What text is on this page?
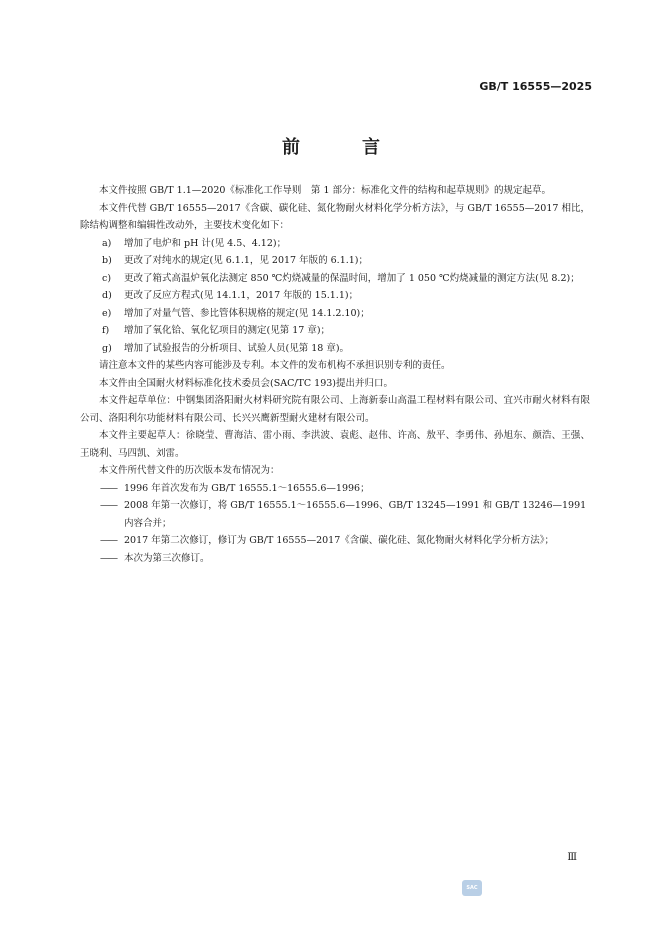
GB/T 16555—2025
前　言

本文件按照 GB/T 1.1—2020《标准化工作导则　第 1 部分：标准化文件的结构和起草规则》的规定起草。

本文件代替 GB/T 16555—2017《含碳、碳化硅、氮化物耐火材料化学分析方法》，与 GB/T 16555—2017 相比，除结构调整和编辑性改动外，主要技术变化如下：

a) 增加了电炉和 pH 计(见 4.5、4.12)；

b) 更改了对纯水的规定(见 6.1.1，见 2017 年版的 6.1.1)；

c) 更改了箱式高温炉氧化法测定 850 ℃灼烧减量的保温时间，增加了 1 050 ℃灼烧减量的测定方法(见 8.2)；

d) 更改了反应方程式(见 14.1.1，2017 年版的 15.1.1)；

e) 增加了对量气管、参比管体积规格的规定(见 14.1.2.10)；

f) 增加了氧化铪、氧化钇项目的测定(见第 17 章)；

g) 增加了试验报告的分析项目、试验人员(见第 18 章)。

请注意本文件的某些内容可能涉及专利。本文件的发布机构不承担识别专利的责任。

本文件由全国耐火材料标准化技术委员会(SAC/TC 193)提出并归口。

本文件起草单位：中钢集团洛阳耐火材料研究院有限公司、上海新泰山高温工程材料有限公司、宜兴市耐火材料有限公司、洛阳利尔功能材料有限公司、长兴兴鹰新型耐火建材有限公司。

本文件主要起草人：徐晓莹、曹海洁、雷小雨、李洪波、袁彪、赵伟、许高、敖平、李勇伟、孙旭东、颜浩、王强、王晓利、马四凯、刘雷。

本文件所代替文件的历次版本发布情况为：

—— 1996 年首次发布为 GB/T 16555.1～16555.6—1996；

—— 2008 年第一次修订，将 GB/T 16555.1～16555.6—1996、GB/T 13245—1991 和 GB/T 13246—1991 内容合并；

—— 2017 年第二次修订，修订为 GB/T 16555—2017《含碳、碳化硅、氮化物耐火材料化学分析方法》；

—— 本次为第三次修订。

Ⅲ
SAC
